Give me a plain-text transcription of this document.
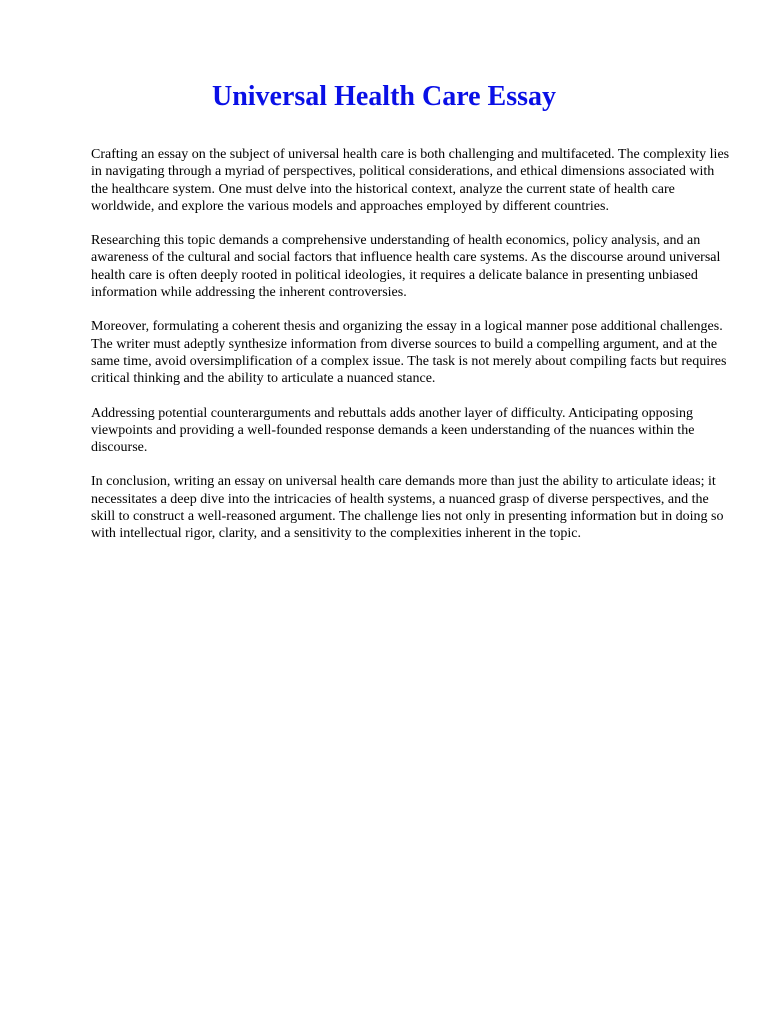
Universal Health Care Essay

Crafting an essay on the subject of universal health care is both challenging and multifaceted. The complexity lies in navigating through a myriad of perspectives, political considerations, and ethical dimensions associated with the healthcare system. One must delve into the historical context, analyze the current state of health care worldwide, and explore the various models and approaches employed by different countries.

Researching this topic demands a comprehensive understanding of health economics, policy analysis, and an awareness of the cultural and social factors that influence health care systems. As the discourse around universal health care is often deeply rooted in political ideologies, it requires a delicate balance in presenting unbiased information while addressing the inherent controversies.

Moreover, formulating a coherent thesis and organizing the essay in a logical manner pose additional challenges. The writer must adeptly synthesize information from diverse sources to build a compelling argument, and at the same time, avoid oversimplification of a complex issue. The task is not merely about compiling facts but requires critical thinking and the ability to articulate a nuanced stance.

Addressing potential counterarguments and rebuttals adds another layer of difficulty. Anticipating opposing viewpoints and providing a well-founded response demands a keen understanding of the nuances within the discourse.

In conclusion, writing an essay on universal health care demands more than just the ability to articulate ideas; it necessitates a deep dive into the intricacies of health systems, a nuanced grasp of diverse perspectives, and the skill to construct a well-reasoned argument. The challenge lies not only in presenting information but in doing so with intellectual rigor, clarity, and a sensitivity to the complexities inherent in the topic.
